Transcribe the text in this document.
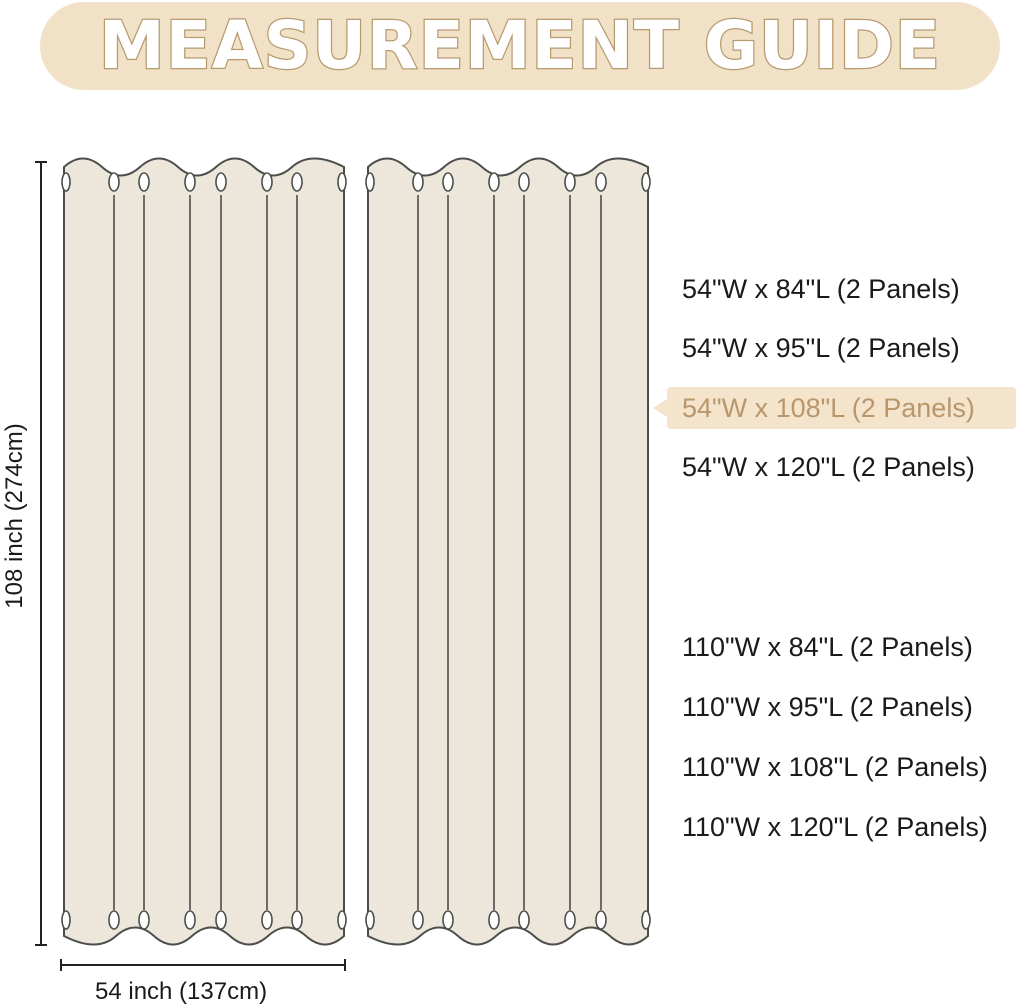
MEASUREMENT GUIDE
108 inch (274cm)
54 inch (137cm)
54"W x 84"L (2 Panels)
54"W x 95"L (2 Panels)
54"W x 108"L (2 Panels)
54"W x 120"L (2 Panels)
110"W x 84"L (2 Panels)
110"W x 95"L (2 Panels)
110"W x 108"L (2 Panels)
110"W x 120"L (2 Panels)
